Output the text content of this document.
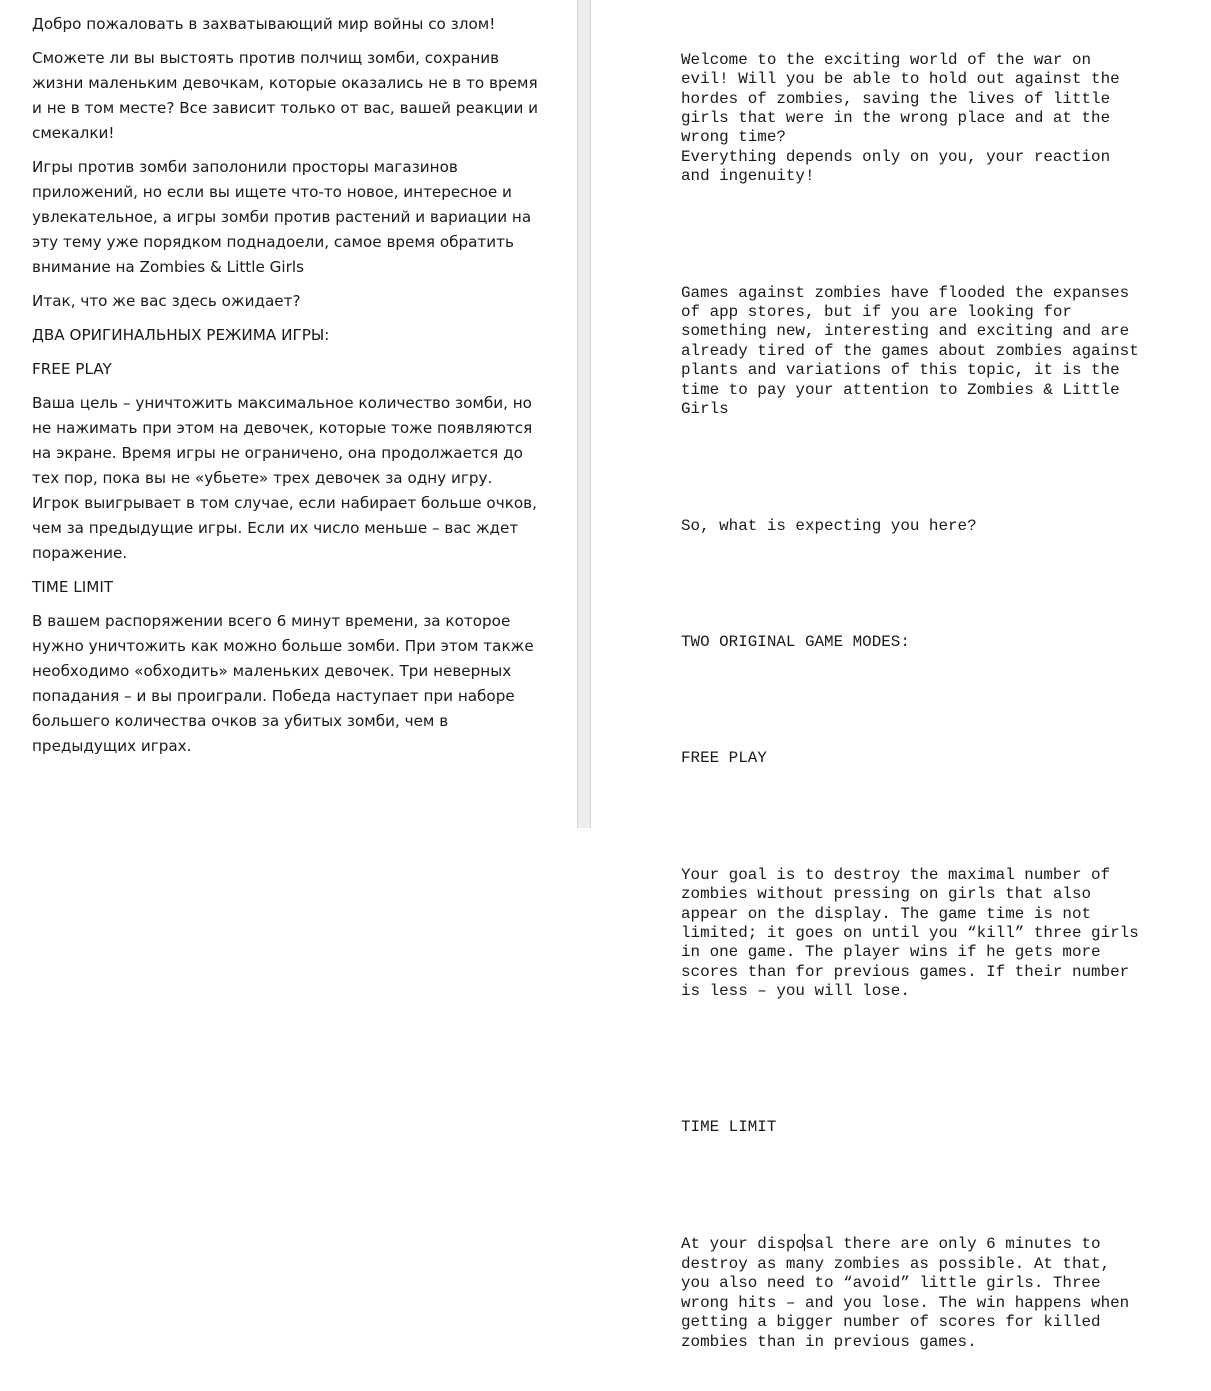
Добро пожаловать в захватывающий мир войны со злом!

Сможете ли вы выстоять против полчищ зомби, сохранив жизни маленьким девочкам, которые оказались не в то время и не в том месте? Все зависит только от вас, вашей реакции и смекалки!

Игры против зомби заполонили просторы магазинов приложений, но если вы ищете что-то новое, интересное и увлекательное, а игры зомби против растений и вариации на эту тему уже порядком поднадоели, самое время обратить внимание на Zombies & Little Girls

Итак, что же вас здесь ожидает?

ДВА ОРИГИНАЛЬНЫХ РЕЖИМА ИГРЫ:

FREE PLAY

Ваша цель – уничтожить максимальное количество зомби, но не нажимать при этом на девочек, которые тоже появляются на экране. Время игры не ограничено, она продолжается до тех пор, пока вы не «убьете» трех девочек за одну игру. Игрок выигрывает в том случае, если набирает больше очков, чем за предыдущие игры. Если их число меньше – вас ждет поражение.

TIME LIMIT

В вашем распоряжении всего 6 минут времени, за которое нужно уничтожить как можно больше зомби. При этом также необходимо «обходить» маленьких девочек. Три неверных попадания – и вы проиграли. Победа наступает при наборе большего количества очков за убитых зомби, чем в предыдущих играх.

Welcome to the exciting world of the war on
evil! Will you be able to hold out against the
hordes of zombies, saving the lives of little
girls that were in the wrong place and at the
wrong time?
Everything depends only on you, your reaction
and ingenuity!

Games against zombies have flooded the expanses
of app stores, but if you are looking for
something new, interesting and exciting and are
already tired of the games about zombies against
plants and variations of this topic, it is the
time to pay your attention to Zombies & Little
Girls

So, what is expecting you here?

TWO ORIGINAL GAME MODES:

FREE PLAY

Your goal is to destroy the maximal number of
zombies without pressing on girls that also
appear on the display. The game time is not
limited; it goes on until you “kill” three girls
in one game. The player wins if he gets more
scores than for previous games. If their number
is less – you will lose.

TIME LIMIT

At your disposal there are only 6 minutes to
destroy as many zombies as possible. At that,
you also need to “avoid” little girls. Three
wrong hits – and you lose. The win happens when
getting a bigger number of scores for killed
zombies than in previous games.
